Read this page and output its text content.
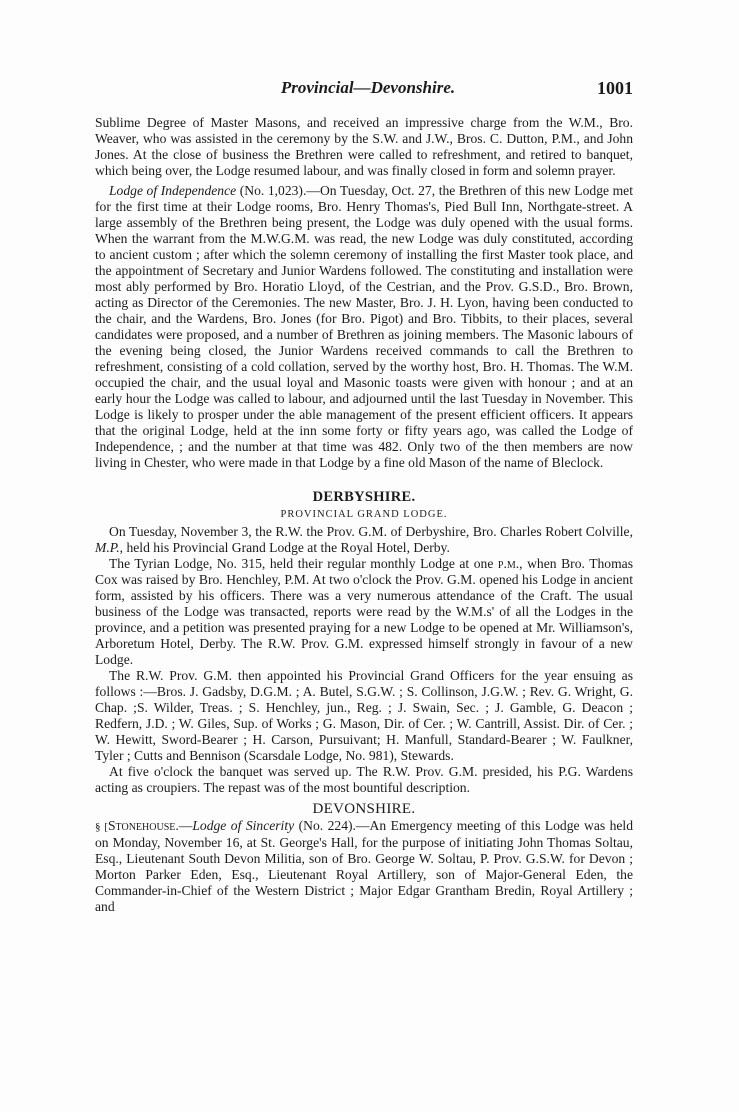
Provincial—Devonshire.	1001

Sublime Degree of Master Masons, and received an impressive charge from the W.M., Bro. Weaver, who was assisted in the ceremony by the S.W. and J.W., Bros. C. Dutton, P.M., and John Jones. At the close of business the Brethren were called to refreshment, and retired to banquet, which being over, the Lodge resumed labour, and was finally closed in form and solemn prayer.

Lodge of Independence (No. 1,023).—On Tuesday, Oct. 27, the Brethren of this new Lodge met for the first time at their Lodge rooms, Bro. Henry Thomas's, Pied Bull Inn, Northgate-street. A large assembly of the Brethren being present, the Lodge was duly opened with the usual forms. When the warrant from the M.W.G.M. was read, the new Lodge was duly constituted, according to ancient custom ; after which the solemn ceremony of installing the first Master took place, and the appointment of Secretary and Junior Wardens followed. The constituting and installation were most ably performed by Bro. Horatio Lloyd, of the Cestrian, and the Prov. G.S.D., Bro. Brown, acting as Director of the Ceremonies. The new Master, Bro. J. H. Lyon, having been conducted to the chair, and the Wardens, Bro. Jones (for Bro. Pigot) and Bro. Tibbits, to their places, several candidates were proposed, and a number of Brethren as joining members. The Masonic labours of the evening being closed, the Junior Wardens received commands to call the Brethren to refreshment, consisting of a cold collation, served by the worthy host, Bro. H. Thomas. The W.M. occupied the chair, and the usual loyal and Masonic toasts were given with honour ; and at an early hour the Lodge was called to labour, and adjourned until the last Tuesday in November. This Lodge is likely to prosper under the able management of the present efficient officers. It appears that the original Lodge, held at the inn some forty or fifty years ago, was called the Lodge of Independence, ; and the number at that time was 482. Only two of the then members are now living in Chester, who were made in that Lodge by a fine old Mason of the name of Bleclock.

DERBYSHIRE.
PROVINCIAL GRAND LODGE.

On Tuesday, November 3, the R.W. the Prov. G.M. of Derbyshire, Bro. Charles Robert Colville, M.P., held his Provincial Grand Lodge at the Royal Hotel, Derby.

The Tyrian Lodge, No. 315, held their regular monthly Lodge at one p.m., when Bro. Thomas Cox was raised by Bro. Henchley, P.M. At two o'clock the Prov. G.M. opened his Lodge in ancient form, assisted by his officers. There was a very numerous attendance of the Craft. The usual business of the Lodge was transacted, reports were read by the W.M.s' of all the Lodges in the province, and a petition was presented praying for a new Lodge to be opened at Mr. Williamson's, Arboretum Hotel, Derby. The R.W. Prov. G.M. expressed himself strongly in favour of a new Lodge.

The R.W. Prov. G.M. then appointed his Provincial Grand Officers for the year ensuing as follows :—Bros. J. Gadsby, D.G.M. ; A. Butel, S.G.W. ; S. Collinson, J.G.W. ; Rev. G. Wright, G. Chap. ;S. Wilder, Treas. ; S. Henchley, jun., Reg. ; J. Swain, Sec. ; J. Gamble, G. Deacon ; Redfern, J.D. ; W. Giles, Sup. of Works ; G. Mason, Dir. of Cer. ; W. Cantrill, Assist. Dir. of Cer. ; W. Hewitt, Sword-Bearer ; H. Carson, Pursuivant; H. Manfull, Standard-Bearer ; W. Faulkner, Tyler ; Cutts and Bennison (Scarsdale Lodge, No. 981), Stewards.

At five o'clock the banquet was served up. The R.W. Prov. G.M. presided, his P.G. Wardens acting as croupiers. The repast was of the most bountiful description.

DEVONSHIRE.

§ [Stonehouse.—Lodge of Sincerity (No. 224).—An Emergency meeting of this Lodge was held on Monday, November 16, at St. George's Hall, for the purpose of initiating John Thomas Soltau, Esq., Lieutenant South Devon Militia, son of Bro. George W. Soltau, P. Prov. G.S.W. for Devon ; Morton Parker Eden, Esq., Lieutenant Royal Artillery, son of Major-General Eden, the Commander-in-Chief of the Western District ; Major Edgar Grantham Bredin, Royal Artillery ; and
